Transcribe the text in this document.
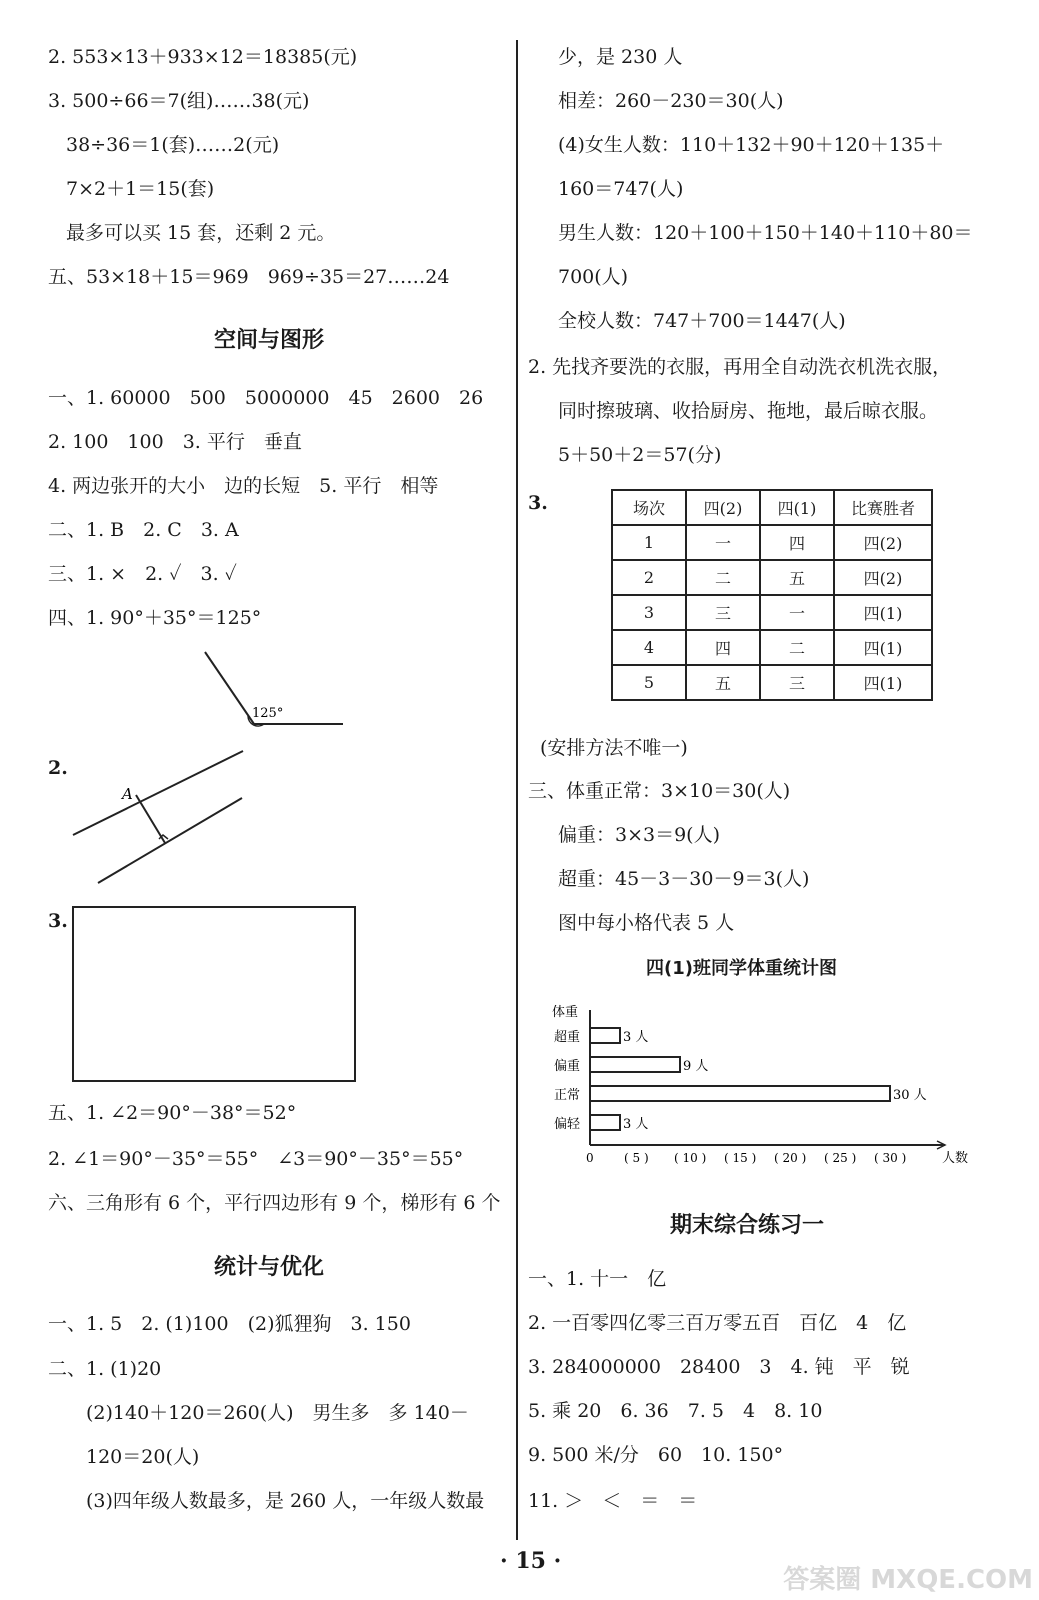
2. 553×13＋933×12＝18385(元)
3. 500÷66＝7(组)……38(元)
38÷36＝1(套)……2(元)
7×2＋1＝15(套)
最多可以买 15 套，还剩 2 元。
五、53×18＋15＝969　969÷35＝27……24
空间与图形
一、1. 60000　500　5000000　45　2600　26
2. 100　100　3. 平行　垂直
4. 两边张开的大小　边的长短　5. 平行　相等
二、1. B　2. C　3. A
三、1. ×　2. ✓　3. ✓
四、1. 90°＋35°＝125°
125°
2.
A
3.
五、1. ∠2＝90°－38°＝52°
2. ∠1＝90°－35°＝55°　∠3＝90°－35°＝55°
六、三角形有 6 个，平行四边形有 9 个，梯形有 6 个
统计与优化
一、1. 5　2. (1)100　(2)狐狸狗　3. 150
二、1. (1)20
(2)140＋120＝260(人)　男生多　多 140－
120＝20(人)
(3)四年级人数最多，是 260 人，一年级人数最
少，是 230 人
相差：260－230＝30(人)
(4)女生人数：110＋132＋90＋120＋135＋
160＝747(人)
男生人数：120＋100＋150＋140＋110＋80＝
700(人)
全校人数：747＋700＝1447(人)
2. 先找齐要洗的衣服，再用全自动洗衣机洗衣服，
同时擦玻璃、收拾厨房、拖地，最后晾衣服。
5＋50＋2＝57(分)
3.	场次	四(2)	四(1)	比赛胜者
1	一	四	四(2)
2	二	五	四(2)
3	三	一	四(1)
4	四	二	四(1)
5	五	三	四(1)
(安排方法不唯一)
三、体重正常：3×10＝30(人)
偏重：3×3＝9(人)
超重：45－3－30－9＝3(人)
图中每小格代表 5 人
四(1)班同学体重统计图
体重
人数
0	( 5 ) ( 10 ) ( 15 ) ( 20 ) ( 25 ) ( 30 )
超重	3 人
偏重	9 人
正常	30 人
偏轻	3 人
期末综合练习一
一、1. 十一　亿
2. 一百零四亿零三百万零五百　百亿　4　亿
3. 284000000　28400　3　4. 钝　平　锐
5. 乘 20　6. 36　7. 5　4　8. 10
9. 500 米/分　60　10. 150°
11. ＞　＜　＝　＝
· 15 ·
答案圈 MXQE.COM
